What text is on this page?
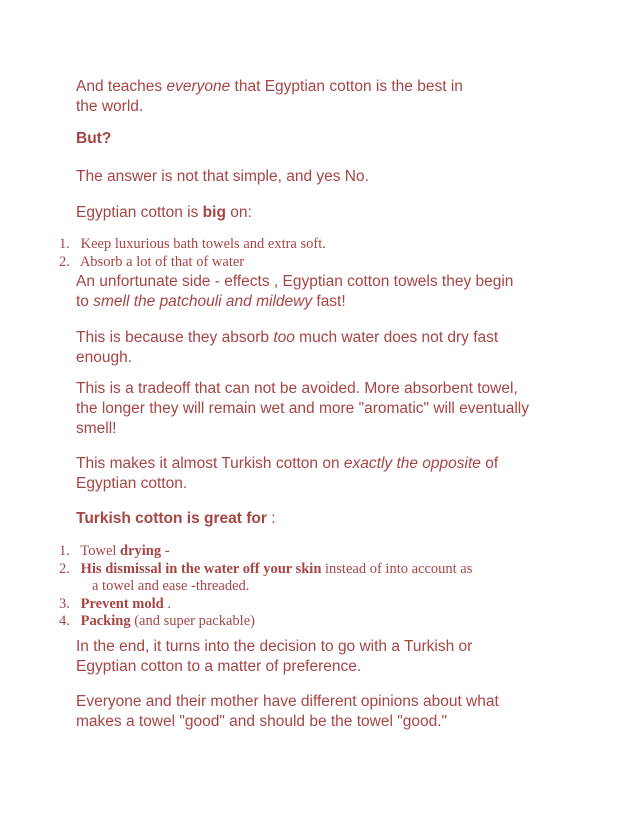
And teaches everyone that Egyptian cotton is the best in
the world.
But?
The answer is not that simple, and yes No.
Egyptian cotton is big on:
1. Keep luxurious bath towels and extra soft.
2. Absorb a lot of that of water
An unfortunate side - effects , Egyptian cotton towels they begin
to smell the patchouli and mildewy fast!
This is because they absorb too much water does not dry fast
enough.
This is a tradeoff that can not be avoided. More absorbent towel,
the longer they will remain wet and more "aromatic" will eventually
smell!
This makes it almost Turkish cotton on exactly the opposite of
Egyptian cotton.
Turkish cotton is great for :
1. Towel drying -
2. His dismissal in the water off your skin instead of into account as
a towel and ease -threaded.
3. Prevent mold .
4. Packing (and super packable)
In the end, it turns into the decision to go with a Turkish or
Egyptian cotton to a matter of preference.
Everyone and their mother have different opinions about what
makes a towel "good" and should be the towel "good."
